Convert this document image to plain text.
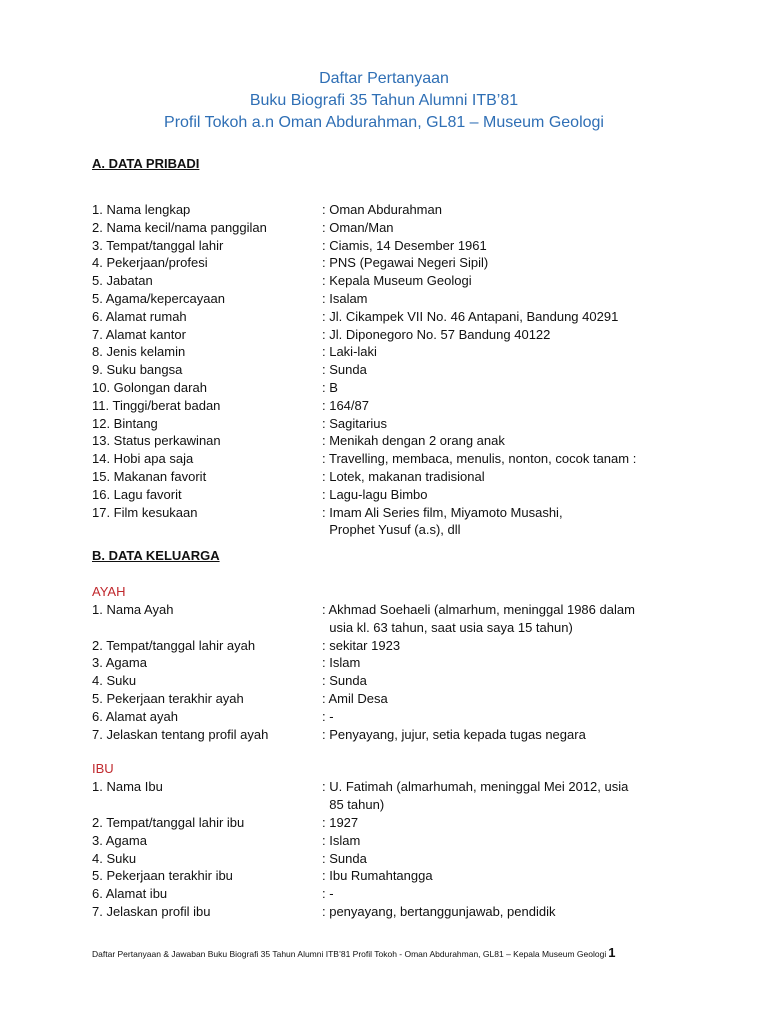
Daftar Pertanyaan
Buku Biografi 35 Tahun Alumni ITB’81
Profil Tokoh a.n Oman Abdurahman, GL81 – Museum Geologi
A. DATA PRIBADI
1. Nama lengkap	: Oman Abdurahman
2. Nama kecil/nama panggilan	: Oman/Man
3. Tempat/tanggal lahir	: Ciamis, 14 Desember 1961
4. Pekerjaan/profesi	: PNS (Pegawai Negeri Sipil)
5. Jabatan	: Kepala Museum Geologi
5. Agama/kepercayaan	: Isalam
6. Alamat rumah	: Jl. Cikampek VII No. 46 Antapani, Bandung 40291
7. Alamat kantor	: Jl. Diponegoro No. 57 Bandung 40122
8. Jenis kelamin	: Laki-laki
9. Suku bangsa	: Sunda
10. Golongan darah	: B
11. Tinggi/berat badan	: 164/87
12. Bintang	: Sagitarius
13. Status perkawinan	: Menikah dengan 2 orang anak
14. Hobi apa saja	: Travelling, membaca, menulis, nonton, cocok tanam :
15. Makanan favorit	: Lotek, makanan tradisional
16. Lagu favorit	: Lagu-lagu Bimbo
17. Film kesukaan	: Imam Ali Series film, Miyamoto Musashi,
Prophet Yusuf (a.s), dll
B. DATA KELUARGA
AYAH
1. Nama Ayah	: Akhmad Soehaeli (almarhum, meninggal 1986 dalam
usia kl. 63 tahun, saat usia saya 15 tahun)
2. Tempat/tanggal lahir ayah	: sekitar 1923
3. Agama	: Islam
4. Suku	: Sunda
5. Pekerjaan terakhir ayah	: Amil Desa
6. Alamat ayah	: -
7. Jelaskan tentang profil ayah	: Penyayang, jujur, setia kepada tugas negara
IBU
1. Nama Ibu	: U. Fatimah (almarhumah, meninggal Mei 2012, usia
85 tahun)
2. Tempat/tanggal lahir ibu	: 1927
3. Agama	: Islam
4. Suku	: Sunda
5. Pekerjaan terakhir ibu	: Ibu Rumahtangga
6. Alamat ibu	: -
7. Jelaskan profil ibu	: penyayang, bertanggunjawab, pendidik
Daftar Pertanyaan & Jawaban Buku Biografi 35 Tahun Alumni ITB’81 Profil Tokoh - Oman Abdurahman, GL81 – Kepala Museum Geologi 1
